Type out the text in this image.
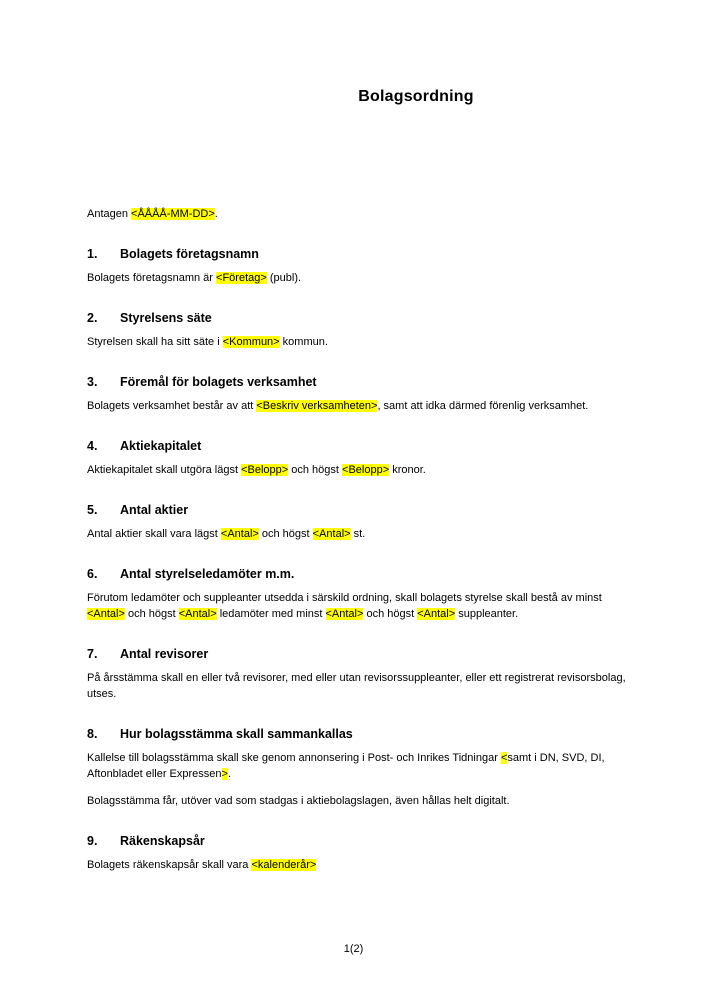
Bolagsordning

Antagen <ÅÅÅÅ-MM-DD>.

1.	Bolagets företagsnamn

Bolagets företagsnamn är <Företag> (publ).

2.	Styrelsens säte

Styrelsen skall ha sitt säte i <Kommun> kommun.

3.	Föremål för bolagets verksamhet

Bolagets verksamhet består av att <Beskriv verksamheten>, samt att idka därmed förenlig verksamhet.

4.	Aktiekapitalet

Aktiekapitalet skall utgöra lägst <Belopp> och högst <Belopp> kronor.

5.	Antal aktier

Antal aktier skall vara lägst <Antal> och högst <Antal> st.

6.	Antal styrelseledamöter m.m.

Förutom ledamöter och suppleanter utsedda i särskild ordning, skall bolagets styrelse skall bestå av minst <Antal> och högst <Antal> ledamöter med minst <Antal> och högst <Antal> suppleanter.

7.	Antal revisorer

På årsstämma skall en eller två revisorer, med eller utan revisorssuppleanter, eller ett registrerat revisorsbolag, utses.

8.	Hur bolagsstämma skall sammankallas

Kallelse till bolagsstämma skall ske genom annonsering i Post- och Inrikes Tidningar <samt i DN, SVD, DI, Aftonbladet eller Expressen>.

Bolagsstämma får, utöver vad som stadgas i aktiebolagslagen, även hållas helt digitalt.

9.	Räkenskapsår

Bolagets räkenskapsår skall vara <kalenderår>

1(2)
